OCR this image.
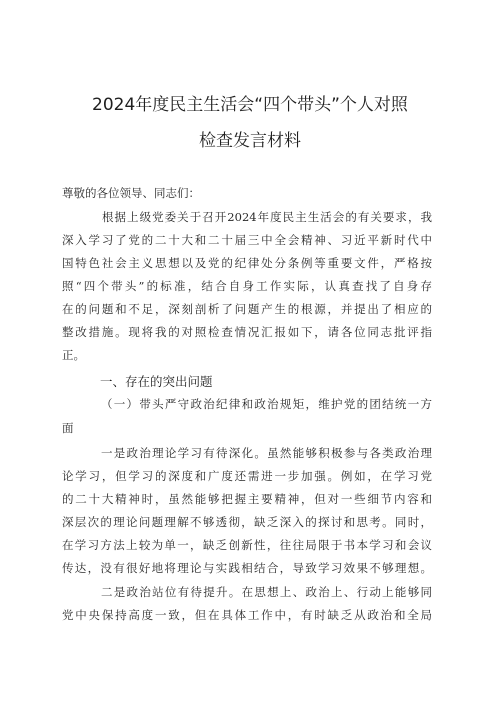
2024年度民主生活会“四个带头”个人对照
检查发言材料
尊敬的各位领导、同志们：
根据上级党委关于召开2024年度民主生活会的有关要求，我
深入学习了党的二十大和二十届三中全会精神、习近平新时代中
国特色社会主义思想以及党的纪律处分条例等重要文件，严格按
照“四个带头”的标准，结合自身工作实际，认真查找了自身存
在的问题和不足，深刻剖析了问题产生的根源，并提出了相应的
整改措施。现将我的对照检查情况汇报如下，请各位同志批评指
正。
一、存在的突出问题
（一）带头严守政治纪律和政治规矩，维护党的团结统一方
面
一是政治理论学习有待深化。虽然能够积极参与各类政治理
论学习，但学习的深度和广度还需进一步加强。例如，在学习党
的二十大精神时，虽然能够把握主要精神，但对一些细节内容和
深层次的理论问题理解不够透彻，缺乏深入的探讨和思考。同时，
在学习方法上较为单一，缺乏创新性，往往局限于书本学习和会议
传达，没有很好地将理论与实践相结合，导致学习效果不够理想。
二是政治站位有待提升。在思想上、政治上、行动上能够同
党中央保持高度一致，但在具体工作中，有时缺乏从政治和全局
